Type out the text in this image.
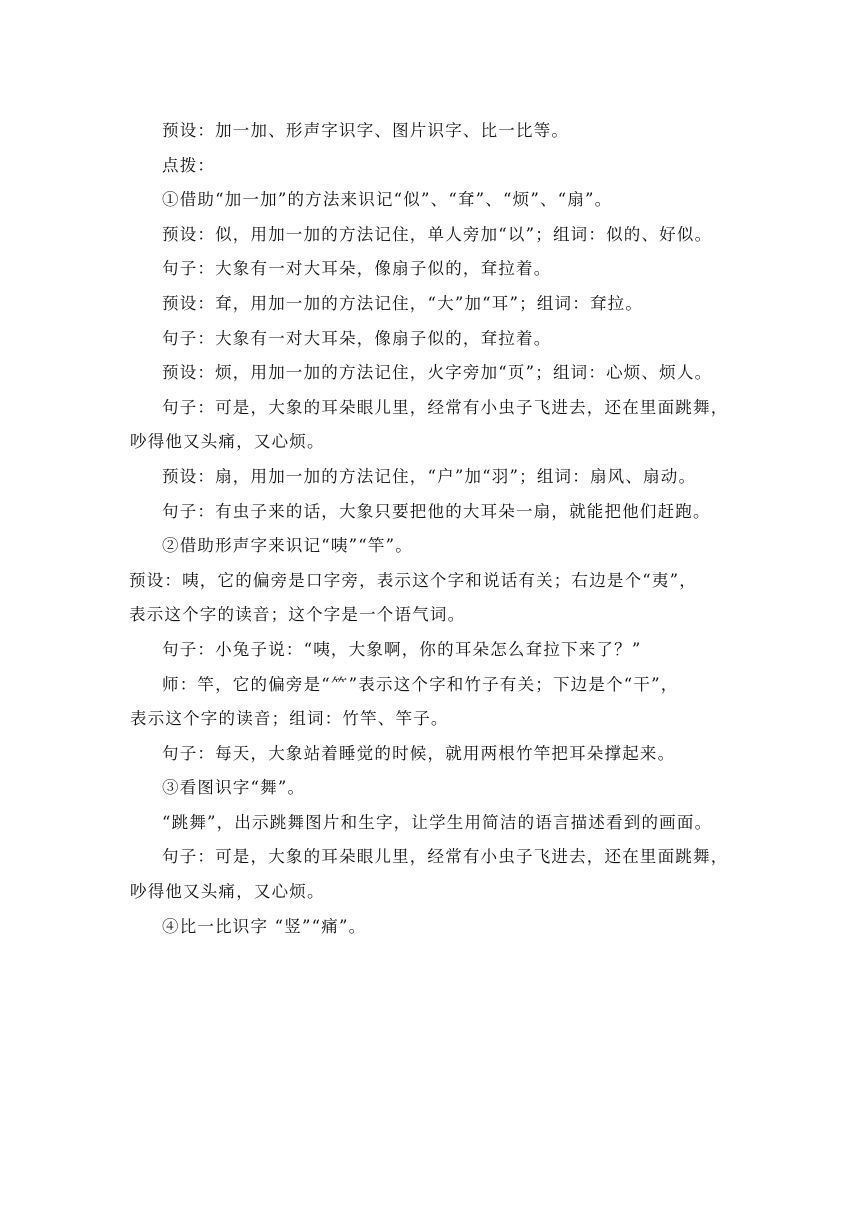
预设：加一加、形声字识字、图片识字、比一比等。

点拨：

①借助“加一加”的方法来识记“似”、“耷”、“烦”、“扇”。

预设：似，用加一加的方法记住，单人旁加“以”；组词：似的、好似。

句子：大象有一对大耳朵，像扇子似的，耷拉着。

预设：耷，用加一加的方法记住，“大”加“耳”；组词：耷拉。

句子：大象有一对大耳朵，像扇子似的，耷拉着。

预设：烦，用加一加的方法记住，火字旁加“页”；组词：心烦、烦人。

句子：可是，大象的耳朵眼儿里，经常有小虫子飞进去，还在里面跳舞，
吵得他又头痛，又心烦。

预设：扇，用加一加的方法记住，“户”加“羽”；组词：扇风、扇动。

句子：有虫子来的话，大象只要把他的大耳朵一扇，就能把他们赶跑。

②借助形声字来识记“咦”“竿”。

预设：咦，它的偏旁是口字旁，表示这个字和说话有关；右边是个“夷”，
表示这个字的读音；这个字是一个语气词。

句子：小兔子说：“咦，大象啊，你的耳朵怎么耷拉下来了？”

师：竿，它的偏旁是“⺮”表示这个字和竹子有关；下边是个“干”，
表示这个字的读音；组词：竹竿、竿子。

句子：每天，大象站着睡觉的时候，就用两根竹竿把耳朵撑起来。

③看图识字“舞”。

“跳舞”，出示跳舞图片和生字，让学生用简洁的语言描述看到的画面。

句子：可是，大象的耳朵眼儿里，经常有小虫子飞进去，还在里面跳舞，
吵得他又头痛，又心烦。

④比一比识字 “竖”“痛”。
